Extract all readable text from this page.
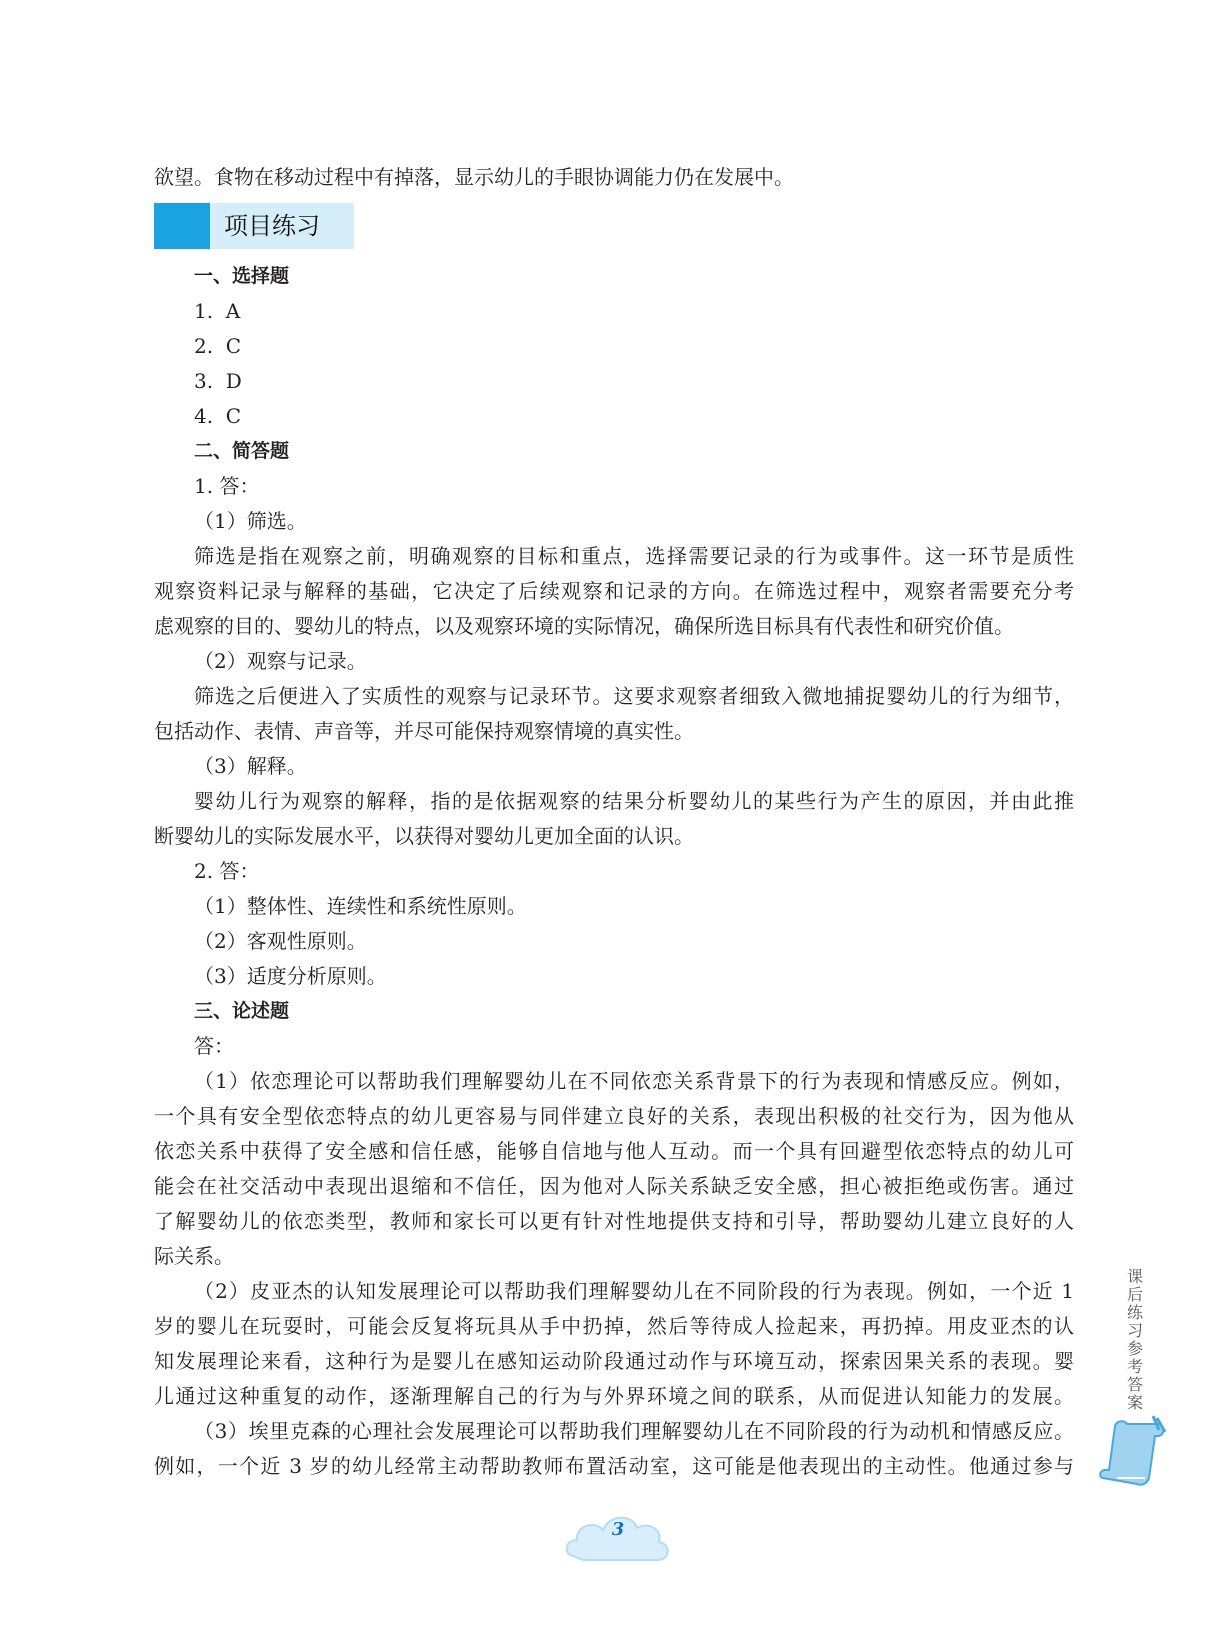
欲望。食物在移动过程中有掉落，显示幼儿的手眼协调能力仍在发展中。
项目练习
一、选择题
1.  A
2.  C
3.  D
4.  C
二、简答题
1. 答：
（1）筛选。
筛选是指在观察之前，明确观察的目标和重点，选择需要记录的行为或事件。这一环节是质性
观察资料记录与解释的基础，它决定了后续观察和记录的方向。在筛选过程中，观察者需要充分考
虑观察的目的、婴幼儿的特点，以及观察环境的实际情况，确保所选目标具有代表性和研究价值。
（2）观察与记录。
筛选之后便进入了实质性的观察与记录环节。这要求观察者细致入微地捕捉婴幼儿的行为细节，
包括动作、表情、声音等，并尽可能保持观察情境的真实性。
（3）解释。
婴幼儿行为观察的解释，指的是依据观察的结果分析婴幼儿的某些行为产生的原因，并由此推
断婴幼儿的实际发展水平，以获得对婴幼儿更加全面的认识。
2. 答：
（1）整体性、连续性和系统性原则。
（2）客观性原则。
（3）适度分析原则。
三、论述题
答：
（1）依恋理论可以帮助我们理解婴幼儿在不同依恋关系背景下的行为表现和情感反应。例如，
一个具有安全型依恋特点的幼儿更容易与同伴建立良好的关系，表现出积极的社交行为，因为他从
依恋关系中获得了安全感和信任感，能够自信地与他人互动。而一个具有回避型依恋特点的幼儿可
能会在社交活动中表现出退缩和不信任，因为他对人际关系缺乏安全感，担心被拒绝或伤害。通过
了解婴幼儿的依恋类型，教师和家长可以更有针对性地提供支持和引导，帮助婴幼儿建立良好的人
际关系。
（2）皮亚杰的认知发展理论可以帮助我们理解婴幼儿在不同阶段的行为表现。例如，一个近 1
岁的婴儿在玩耍时，可能会反复将玩具从手中扔掉，然后等待成人捡起来，再扔掉。用皮亚杰的认
知发展理论来看，这种行为是婴儿在感知运动阶段通过动作与环境互动，探索因果关系的表现。婴
儿通过这种重复的动作，逐渐理解自己的行为与外界环境之间的联系，从而促进认知能力的发展。
（3）埃里克森的心理社会发展理论可以帮助我们理解婴幼儿在不同阶段的行为动机和情感反应。
例如，一个近 3 岁的幼儿经常主动帮助教师布置活动室，这可能是他表现出的主动性。他通过参与
课
后
练
习
参
考
答
案
3
